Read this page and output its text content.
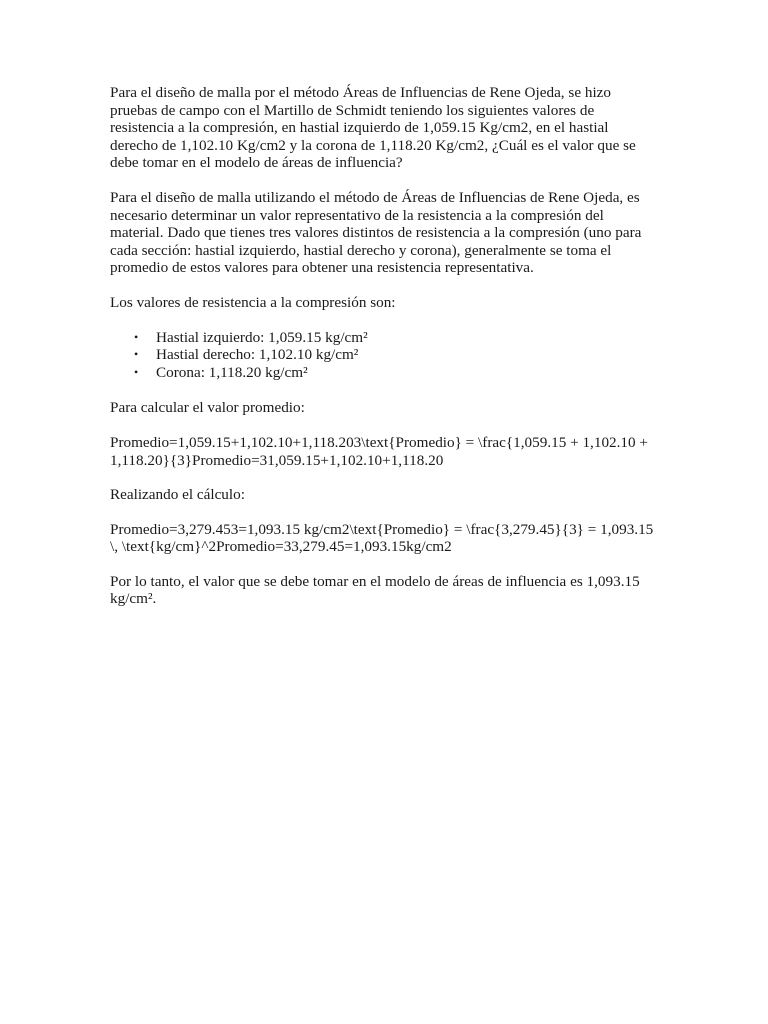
Para el diseño de malla por el método Áreas de Influencias de Rene Ojeda, se hizo pruebas de campo con el Martillo de Schmidt teniendo los siguientes valores de resistencia a la compresión, en hastial izquierdo de 1,059.15 Kg/cm2, en el hastial derecho de 1,102.10 Kg/cm2 y la corona de 1,118.20 Kg/cm2, ¿Cuál es el valor que se debe tomar en el modelo de áreas de influencia?

Para el diseño de malla utilizando el método de Áreas de Influencias de Rene Ojeda, es necesario determinar un valor representativo de la resistencia a la compresión del material. Dado que tienes tres valores distintos de resistencia a la compresión (uno para cada sección: hastial izquierdo, hastial derecho y corona), generalmente se toma el promedio de estos valores para obtener una resistencia representativa.

Los valores de resistencia a la compresión son:

• Hastial izquierdo: 1,059.15 kg/cm²
• Hastial derecho: 1,102.10 kg/cm²
• Corona: 1,118.20 kg/cm²

Para calcular el valor promedio:

Promedio=1,059.15+1,102.10+1,118.203\text{Promedio} = \frac{1,059.15 + 1,102.10 + 1,118.20}{3}Promedio=31,059.15+1,102.10+1,118.20

Realizando el cálculo:

Promedio=3,279.453=1,093.15 kg/cm2\text{Promedio} = \frac{3,279.45}{3} = 1,093.15 \, \text{kg/cm}^2Promedio=33,279.45=1,093.15kg/cm2

Por lo tanto, el valor que se debe tomar en el modelo de áreas de influencia es 1,093.15 kg/cm².
